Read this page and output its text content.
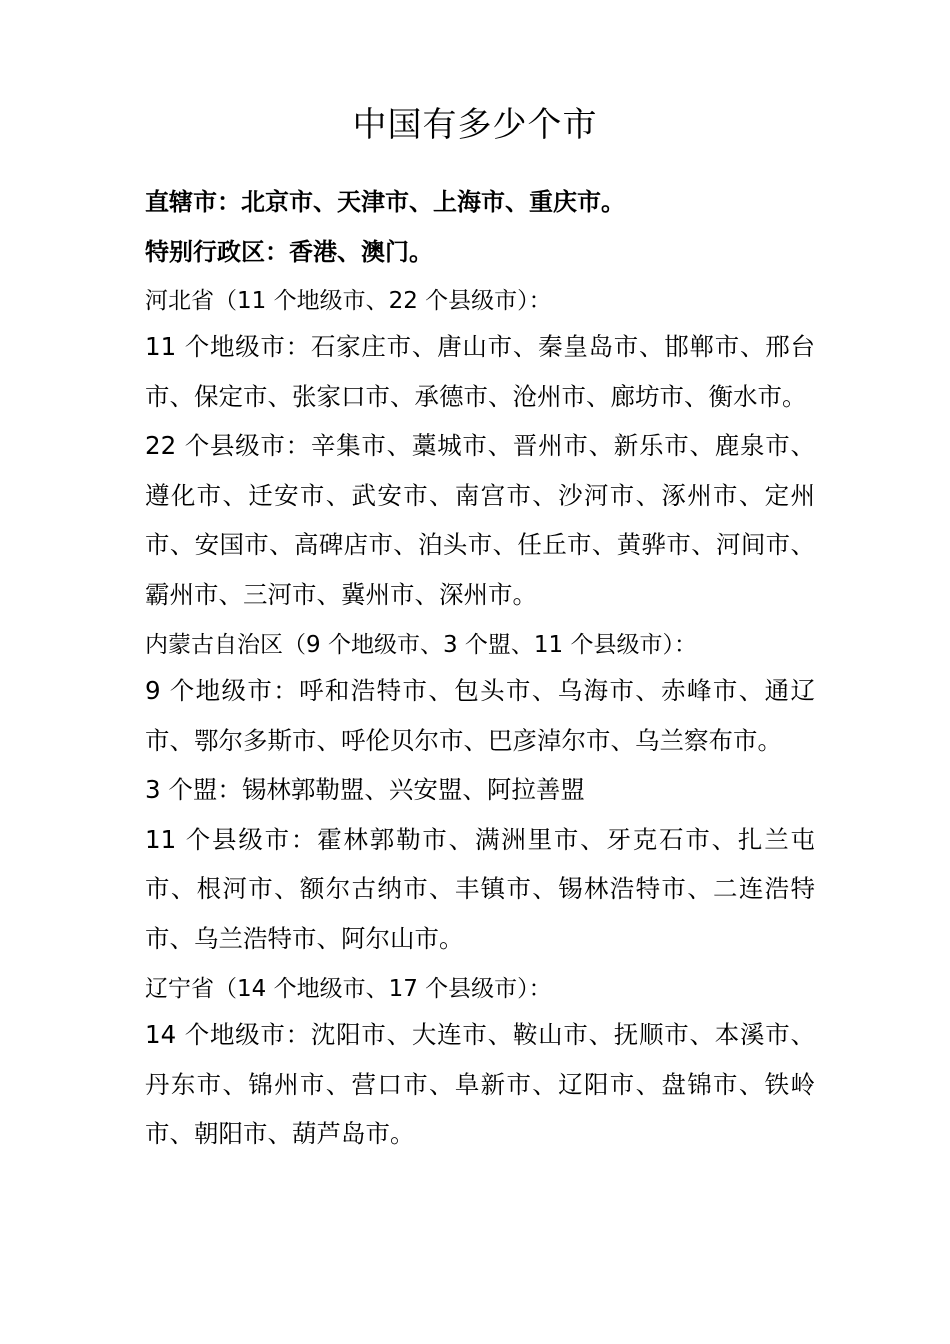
中国有多少个市
直辖市：北京市、天津市、上海市、重庆市。
特别行政区：香港、澳门。
河北省（11 个地级市、22 个县级市）：

11 个地级市：石家庄市、唐山市、秦皇岛市、邯郸市、邢台市、保定市、张家口市、承德市、沧州市、廊坊市、衡水市。

22 个县级市：辛集市、藁城市、晋州市、新乐市、鹿泉市、遵化市、迁安市、武安市、南宫市、沙河市、涿州市、定州市、安国市、高碑店市、泊头市、任丘市、黄骅市、河间市、霸州市、三河市、冀州市、深州市。

内蒙古自治区（9 个地级市、3 个盟、11 个县级市）：

9 个地级市：呼和浩特市、包头市、乌海市、赤峰市、通辽市、鄂尔多斯市、呼伦贝尔市、巴彦淖尔市、乌兰察布市。

3 个盟：锡林郭勒盟、兴安盟、阿拉善盟

11 个县级市：霍林郭勒市、满洲里市、牙克石市、扎兰屯市、根河市、额尔古纳市、丰镇市、锡林浩特市、二连浩特市、乌兰浩特市、阿尔山市。

辽宁省（14 个地级市、17 个县级市）：

14 个地级市：沈阳市、大连市、鞍山市、抚顺市、本溪市、丹东市、锦州市、营口市、阜新市、辽阳市、盘锦市、铁岭市、朝阳市、葫芦岛市。
